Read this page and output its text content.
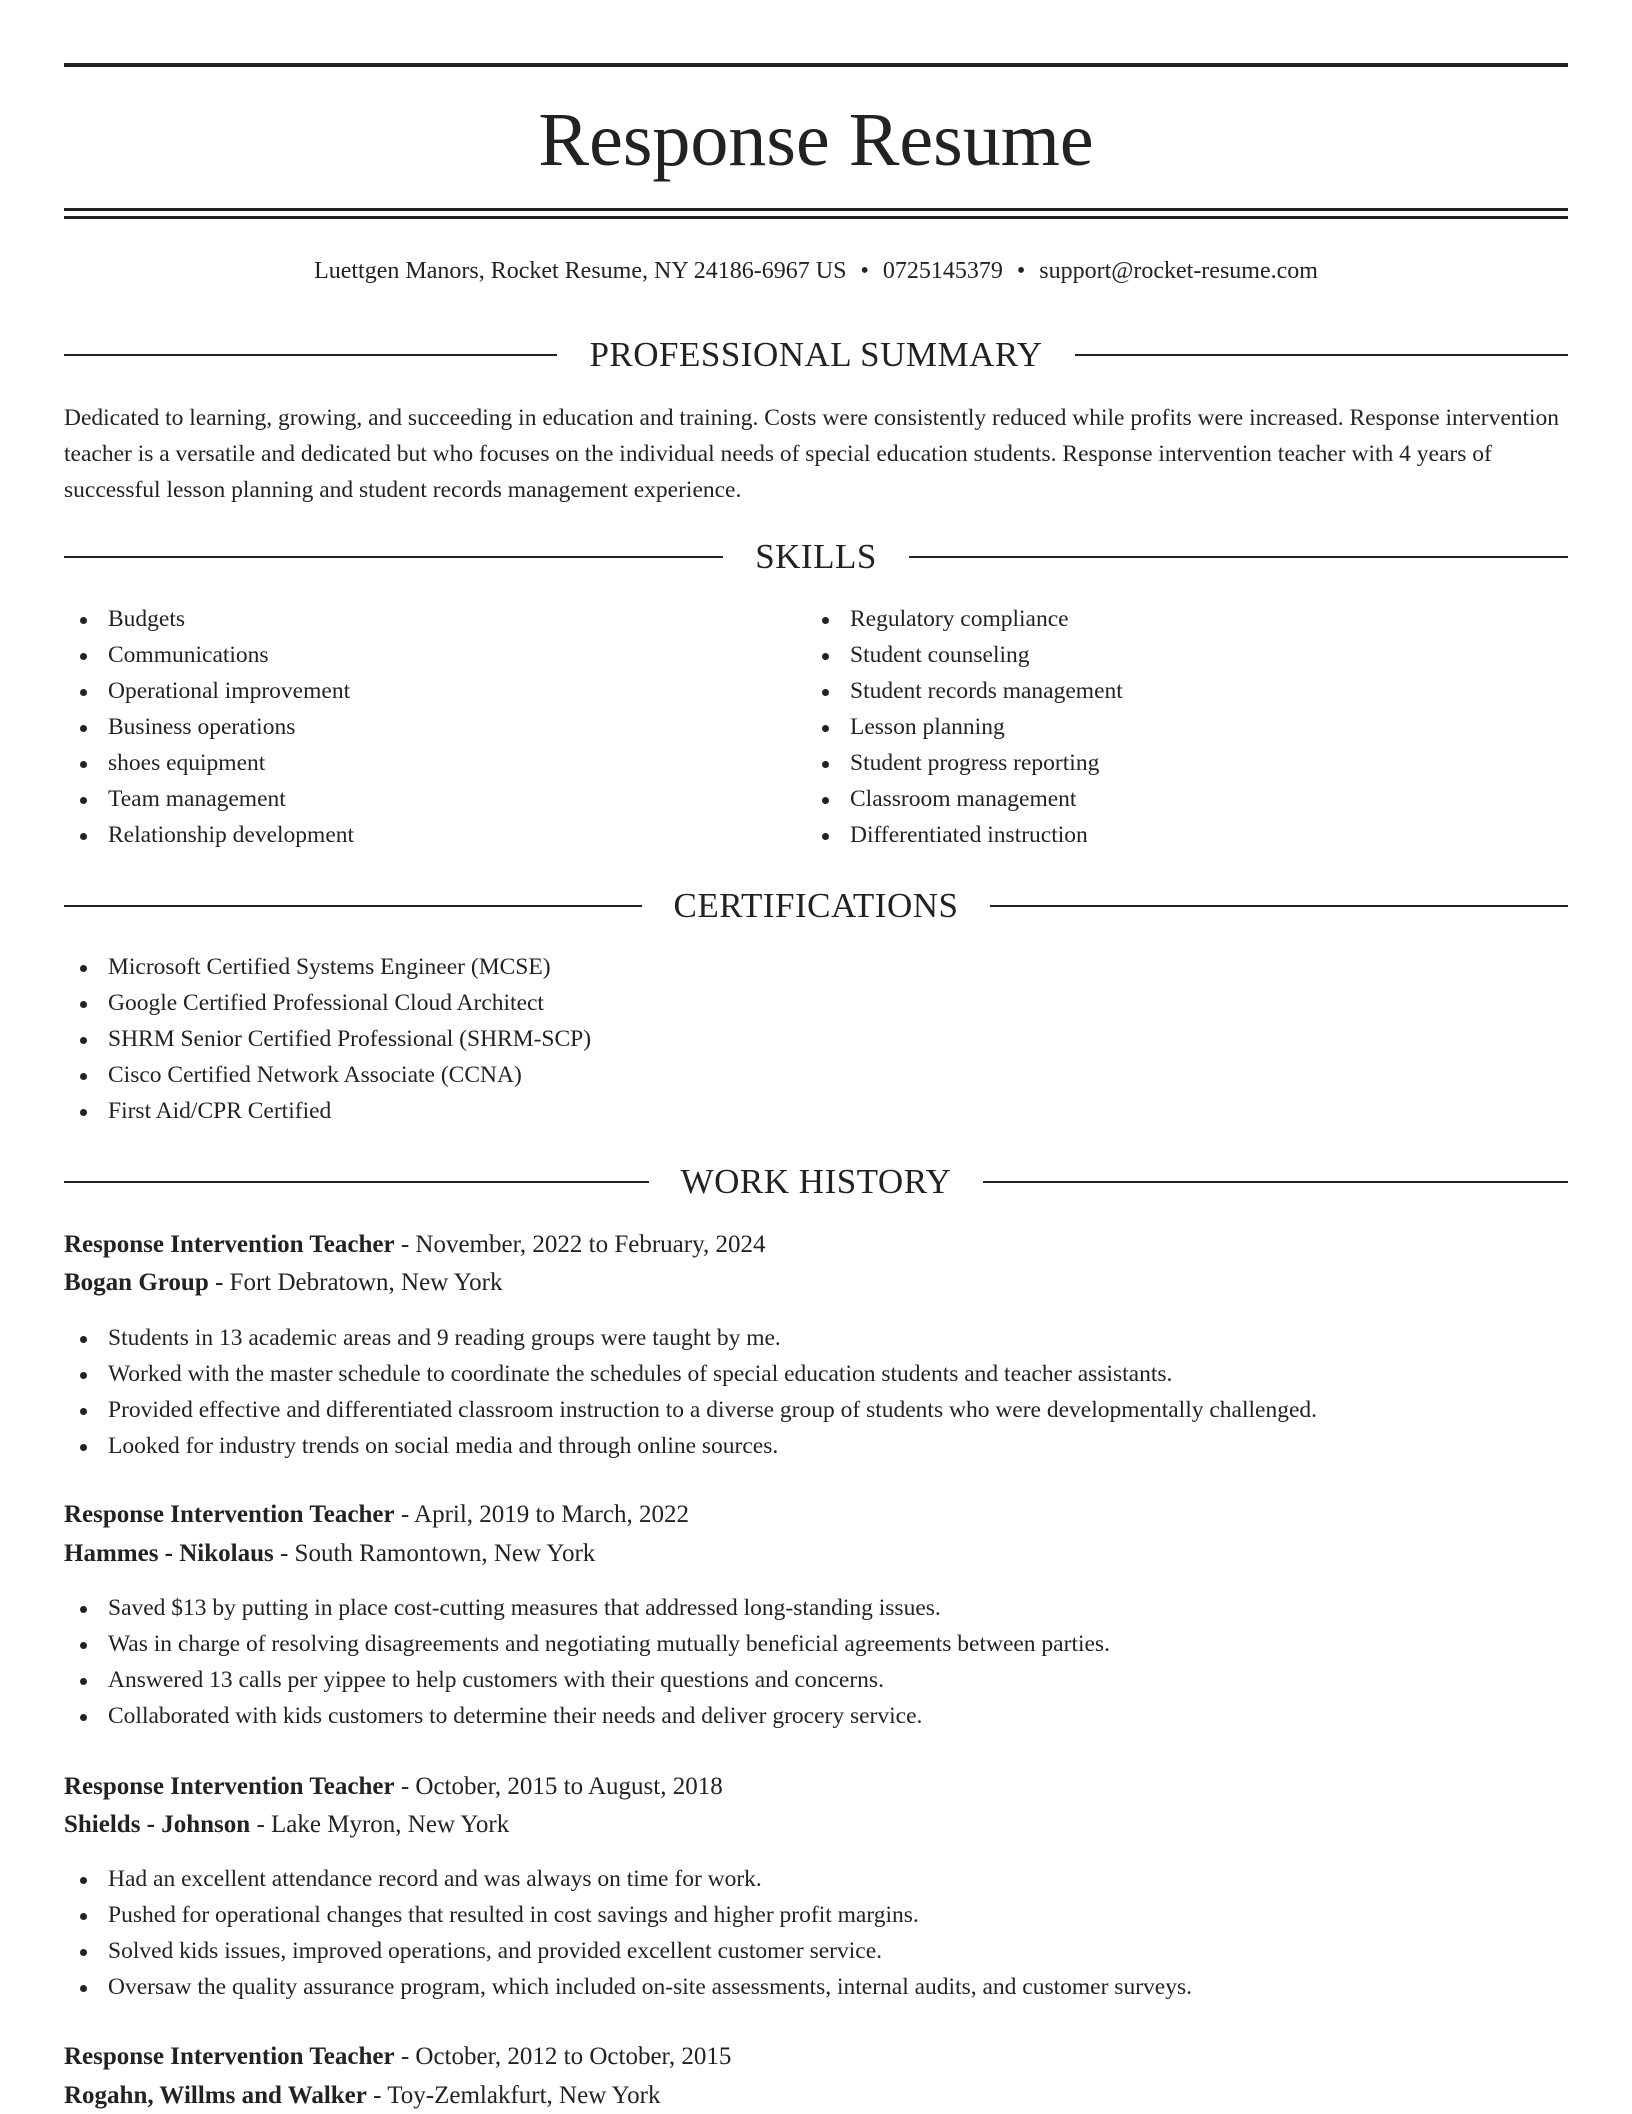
Response Resume
Luettgen Manors, Rocket Resume, NY 24186-6967 US • 0725145379 • support@rocket-resume.com
PROFESSIONAL SUMMARY
Dedicated to learning, growing, and succeeding in education and training. Costs were consistently reduced while profits were increased. Response intervention teacher is a versatile and dedicated but who focuses on the individual needs of special education students. Response intervention teacher with 4 years of successful lesson planning and student records management experience.
SKILLS
Budgets
Communications
Operational improvement
Business operations
shoes equipment
Team management
Relationship development
Regulatory compliance
Student counseling
Student records management
Lesson planning
Student progress reporting
Classroom management
Differentiated instruction
CERTIFICATIONS
Microsoft Certified Systems Engineer (MCSE)
Google Certified Professional Cloud Architect
SHRM Senior Certified Professional (SHRM-SCP)
Cisco Certified Network Associate (CCNA)
First Aid/CPR Certified
WORK HISTORY
Response Intervention Teacher - November, 2022 to February, 2024
Bogan Group - Fort Debratown, New York
Students in 13 academic areas and 9 reading groups were taught by me.
Worked with the master schedule to coordinate the schedules of special education students and teacher assistants.
Provided effective and differentiated classroom instruction to a diverse group of students who were developmentally challenged.
Looked for industry trends on social media and through online sources.
Response Intervention Teacher - April, 2019 to March, 2022
Hammes - Nikolaus - South Ramontown, New York
Saved $13 by putting in place cost-cutting measures that addressed long-standing issues.
Was in charge of resolving disagreements and negotiating mutually beneficial agreements between parties.
Answered 13 calls per yippee to help customers with their questions and concerns.
Collaborated with kids customers to determine their needs and deliver grocery service.
Response Intervention Teacher - October, 2015 to August, 2018
Shields - Johnson - Lake Myron, New York
Had an excellent attendance record and was always on time for work.
Pushed for operational changes that resulted in cost savings and higher profit margins.
Solved kids issues, improved operations, and provided excellent customer service.
Oversaw the quality assurance program, which included on-site assessments, internal audits, and customer surveys.
Response Intervention Teacher - October, 2012 to October, 2015
Rogahn, Willms and Walker - Toy-Zemlakfurt, New York
